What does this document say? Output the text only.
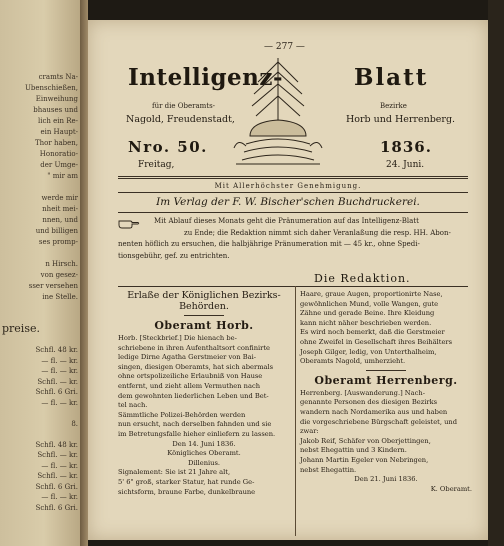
cramts Na-
Ubenschießen,
Einweihung
bhauses und
lich ein Re-
ein Haupt-
Thor haben,
Honoratio-
der Umge-
" mir am

werde mir
nheit mei-
nnen, und
und billigen
ses promp-

n Hirsch.
von gesez-
sser versehen
ine Stelle.
preise.
Schfl. 48 kr.
— fl. — kr.
— fl. — kr.
Schfl. — kr.
Schfl. 6 Gri.
— fl. — kr.

8.

Schfl. 48 kr.
Schfl. — kr.
— fl. — kr.
Schfl. — kr.
Schfl. 6 Gri.
— fl. — kr.
Schfl. 6 Gri.
— 277 —
Intelligenz-	Blatt
für die Oberamts-	Bezirke
Nagold, Freudenstadt,	Horb und Herrenberg.
Nro. 50.	1836.
Freitag,	24. Juni.
Mit Allerhöchster Genehmigung.
Im Verlag der F. W. Bischer'schen Buchdruckerei.
Mit Ablauf dieses Monats geht die Pränumeration auf das Intelligenz-Blatt
zu Ende; die Redaktion nimmt sich daher Veranlaßung die resp. HH. Abon-
nenten höflich zu ersuchen, die halbjährige Pränumeration mit — 45 kr., ohne Spedi-
tionsgebühr, gef. zu entrichten.
Die Redaktion.

Erlaße der Königlichen Bezirks-

Behörden.

Oberamt Horb.
Horb. [Steckbrief.] Die hienach be-
schriebene in ihren Aufenthaltsort confinirte
ledige Dirne Agatha Gerstmeier von Bai-
singen, diesigen Oberamts, hat sich abermals
ohne ortspolizeiliche Erlaubniß von Hause
entfernt, und zieht allem Vermuthen nach
dem gewohnten liederlichen Leben und Bet-
tel nach.
Sämmtliche Polizei-Behörden werden
nun ersucht, nach derselben fahnden und sie
im Betretungsfalle hieher einliefern zu lassen.
Den 14. Juni 1836.
Königliches Oberamt.
Dillenius.
Signalement: Sie ist 21 Jahre alt,
5' 6" groß, starker Statur, hat runde Ge-
sichtsform, braune Farbe, dunkelbraune
Haare, graue Augen, proportionirte Nase,
gewöhnlichen Mund, volle Wangen, gute
Zähne und gerade Beine. Ihre Kleidung
kann nicht näher beschrieben werden.
Es wird noch bemerkt, daß die Gerstmeier
ohne Zweifel in Gesellschaft ihres Beihälters
Joseph Gilger, ledig, von Unterthalheim,
Oberamts Nagold, umherzieht.
Oberamt Herrenberg.
Herrenberg. [Auswanderung.] Nach-
genannte Personen des diesigen Bezirks
wandern nach Nordamerika aus und haben
die vorgeschriebene Bürgschaft geleistet, und
zwar:
Jakob Reif, Schäfer von Oberjettingen,
nebst Ehegattin und 3 Kindern.
Johann Martin Egeler von Nebringen,
nebst Ehegattin.
Den 21. Juni 1836.
K. Oberamt.
